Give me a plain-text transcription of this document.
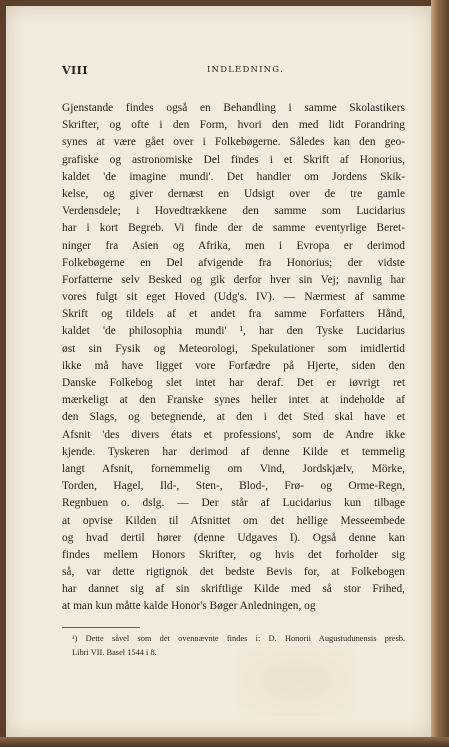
VIII	INDLEDNING.
Gjenstande findes også en Behandling i samme Skolastikers
Skrifter, og ofte i den Form, hvori den med lidt Forandring
synes at være gået over i Folkebøgerne. Således kan den geo-
grafiske og astronomiske Del findes i et Skrift af Honorius,
kaldet 'de imagine mundi'. Det handler om Jordens Skik-
kelse, og giver dernæst en Udsigt over de tre gamle
Verdensdele; i Hovedtrækkene den samme som Lucidarius
har i kort Begreb. Vi finde der de samme eventyrlige Beret-
ninger fra Asien og Afrika, men i Evropa er derimod
Folkebøgerne en Del afvigende fra Honorius; der vidste
Forfatterne selv Besked og gik derfor hver sin Vej; navnlig har
vores fulgt sit eget Hoved (Udg's. IV). — Nærmest af samme
Skrift og tildels af et andet fra samme Forfatters Hånd,
kaldet 'de philosophia mundi' ¹, har den Tyske Lucidarius
øst sin Fysik og Meteorologi, Spekulationer som imidlertid
ikke må have ligget vore Forfædre på Hjerte, siden den
Danske Folkebog slet intet har deraf. Det er iøvrigt ret
mærkeligt at den Franske synes heller intet at indeholde af
den Slags, og betegnende, at den i det Sted skal have et
Afsnit 'des divers états et professions', som de Andre ikke
kjende. Tyskeren har derimod af denne Kilde et temmelig
langt Afsnit, fornemmelig om Vind, Jordskjælv, Mörke,
Torden, Hagel, Ild-, Sten-, Blod-, Frø- og Orme-Regn,
Regnbuen o. dslg. — Der står af Lucidarius kun tilbage
at opvise Kilden til Afsnittet om det hellige Messeembede
og hvad dertil hører (denne Udgaves I). Også denne kan
findes mellem Honors Skrifter, og hvis det forholder sig
så, var dette rigtignok det bedste Bevis for, at Folkebogen
har dannet sig af sin skriftlige Kilde med så stor Frihed,
at man kun måtte kalde Honor's Bøger Anledningen, og
¹) Dette såvel som det ovennævnte findes i: D. Honorii Augustudunensis presb.
Libri VII. Basel 1544 i 8.
